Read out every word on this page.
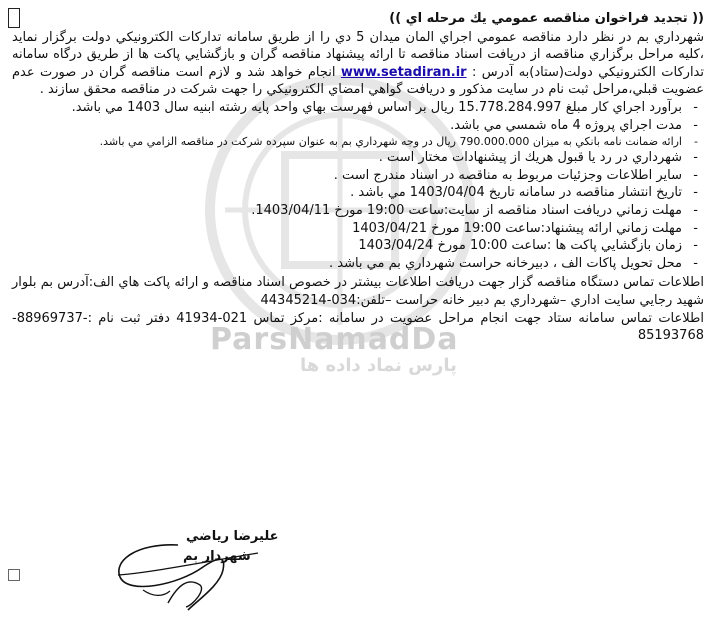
ParsNamadDa
پارس نماد داده ها
(( تجديد فراخوان مناقصه عمومي يك مرحله اي ))

شهرداري بم در نظر دارد مناقصه عمومي اجراي المان ميدان 5 دي را از طريق سامانه تداركات الكترونيكي دولت برگزار نمايد ،كليه مراحل برگزاري مناقصه از دريافت اسناد مناقصه تا ارائه پيشنهاد مناقصه گران و بازگشايي پاكت ها از طريق درگاه سامانه تداركات الكترونيكي دولت(ستاد)به آدرس : www.setadiran.ir انجام خواهد شد و لازم است مناقصه گران در صورت عدم عضويت قبلي،مراحل ثبت نام در سايت مذكور و دريافت گواهي امضاي الكترونيكي را جهت شركت در مناقصه محقق سازند .

- برآورد اجراي كار مبلغ 15.778.284.997 ريال بر اساس فهرست بهاي واحد پايه رشته ابنيه سال 1403 مي باشد.
- مدت اجراي پروژه 4 ماه شمسي مي باشد.
- ارائه ضمانت نامه بانكي به ميزان 790.000.000 ريال در وجه شهرداري بم به عنوان سپرده شركت در مناقصه الزامي مي باشد.
- شهرداري در رد يا قبول هريك از پيشنهادات مختار است .
- ساير اطلاعات وجزئيات مربوط به مناقصه در اسناد مندرج است .
- تاريخ انتشار مناقصه در سامانه تاريخ 1403/04/04 مي باشد .
- مهلت زماني دريافت اسناد مناقصه از سايت:ساعت 19:00 مورخ 1403/04/11.
- مهلت زماني ارائه پيشنهاد:ساعت 19:00 مورخ 1403/04/21
- زمان بازگشايي پاكت ها :ساعت 10:00 مورخ 1403/04/24
- محل تحويل پاكات الف ، دبيرخانه حراست شهرداري بم مي باشد .

اطلاعات تماس دستگاه مناقصه گزار جهت دريافت اطلاعات بيشتر در خصوص اسناد مناقصه و ارائه پاكت هاي الف:آدرس بم بلوار شهيد رجايي سايت اداري –شهرداري بم دبير خانه حراست –تلفن:034-44345214

اطلاعات تماس سامانه ستاد جهت انجام مراحل عضويت در سامانه :مركز تماس 021-41934 دفتر ثبت نام :-88969737-85193768

عليرضا رياضي
شهردار بم
